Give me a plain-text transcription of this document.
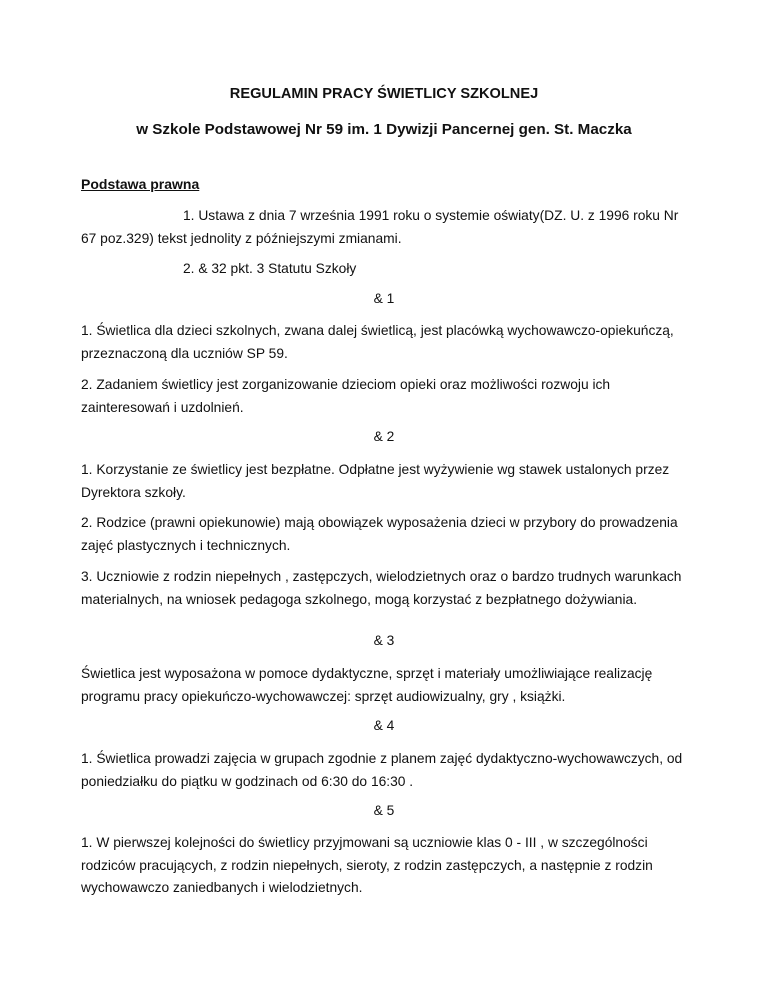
REGULAMIN PRACY ŚWIETLICY SZKOLNEJ
w Szkole Podstawowej Nr 59 im. 1 Dywizji Pancernej gen. St. Maczka
Podstawa prawna

1. Ustawa z dnia 7 września 1991 roku o systemie oświaty(DZ. U. z 1996 roku Nr 67 poz.329) tekst jednolity z późniejszymi zmianami.

2. & 32 pkt. 3 Statutu Szkoły

& 1

1. Świetlica dla dzieci szkolnych, zwana dalej świetlicą, jest placówką wychowawczo-opiekuńczą, przeznaczoną dla uczniów SP 59.

2. Zadaniem świetlicy jest zorganizowanie dzieciom opieki oraz możliwości rozwoju ich zainteresowań i uzdolnień.

& 2

1. Korzystanie ze świetlicy jest bezpłatne. Odpłatne jest wyżywienie wg stawek ustalonych przez Dyrektora szkoły.

2. Rodzice (prawni opiekunowie) mają obowiązek wyposażenia dzieci w przybory do prowadzenia zajęć plastycznych i technicznych.

3. Uczniowie z rodzin niepełnych , zastępczych, wielodzietnych oraz o bardzo trudnych warunkach materialnych, na wniosek pedagoga szkolnego, mogą korzystać z bezpłatnego dożywiania.

& 3

Świetlica jest wyposażona w pomoce dydaktyczne, sprzęt i materiały umożliwiające realizację programu pracy opiekuńczo-wychowawczej: sprzęt audiowizualny, gry , książki.

& 4

1. Świetlica prowadzi zajęcia w grupach zgodnie z planem zajęć dydaktyczno-wychowawczych, od poniedziałku do piątku w godzinach od 6:30 do 16:30 .

& 5

1. W pierwszej kolejności do świetlicy przyjmowani są uczniowie klas 0 - III , w szczególności rodziców pracujących, z rodzin niepełnych, sieroty, z rodzin zastępczych, a następnie z rodzin wychowawczo zaniedbanych i wielodzietnych.
